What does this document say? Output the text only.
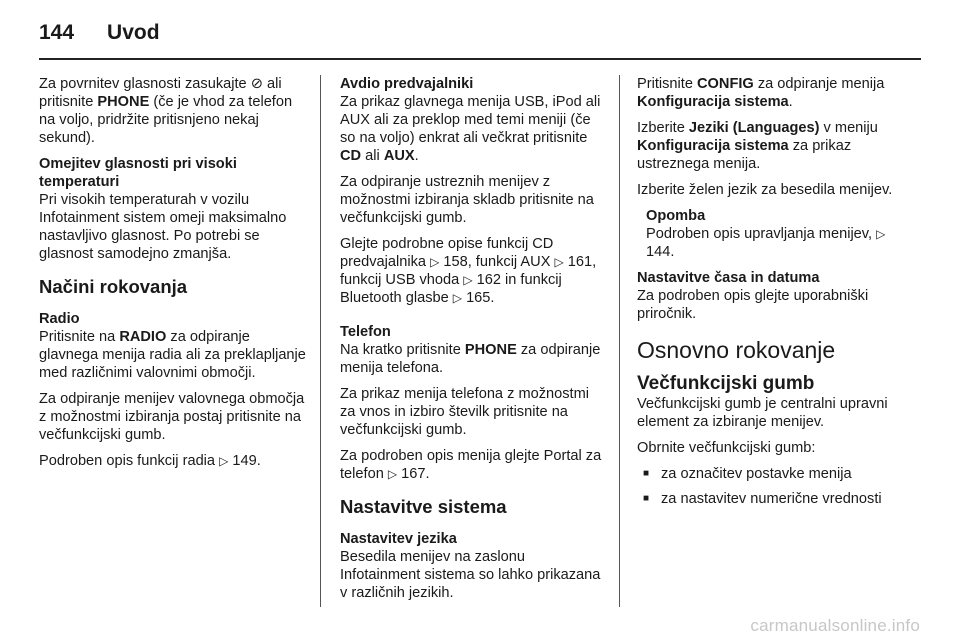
144 Uvod

Za povrnitev glasnosti zasukajte ⊘ ali pritisnite PHONE (če je vhod za telefon na voljo, pridržite pritisnjeno nekaj sekund).

Omejitev glasnosti pri visoki temperaturi

Pri visokih temperaturah v vozilu Infotainment sistem omeji maksimalno nastavljivo glasnost. Po potrebi se glasnost samodejno zmanjša.

Načini rokovanja

Radio

Pritisnite na RADIO za odpiranje glavnega menija radia ali za preklapljanje med različnimi valovnimi območji.

Za odpiranje menijev valovnega območja z možnostmi izbiranja postaj pritisnite na večfunkcijski gumb.

Podroben opis funkcij radia ▷ 149.

Avdio predvajalniki

Za prikaz glavnega menija USB, iPod ali AUX ali za preklop med temi meniji (če so na voljo) enkrat ali večkrat pritisnite CD ali AUX.

Za odpiranje ustreznih menijev z možnostmi izbiranja skladb pritisnite na večfunkcijski gumb.

Glejte podrobne opise funkcij CD predvajalnika ▷ 158, funkcij AUX ▷ 161, funkcij USB vhoda ▷ 162 in funkcij Bluetooth glasbe ▷ 165.

Telefon

Na kratko pritisnite PHONE za odpiranje menija telefona.

Za prikaz menija telefona z možnostmi za vnos in izbiro številk pritisnite na večfunkcijski gumb.

Za podroben opis menija glejte Portal za telefon ▷ 167.

Nastavitve sistema

Nastavitev jezika

Besedila menijev na zaslonu Infotainment sistema so lahko prikazana v različnih jezikih.

Pritisnite CONFIG za odpiranje menija Konfiguracija sistema.

Izberite Jeziki (Languages) v meniju Konfiguracija sistema za prikaz ustreznega menija.

Izberite želen jezik za besedila menijev.

Opomba

Podroben opis upravljanja menijev, ▷ 144.

Nastavitve časa in datuma

Za podroben opis glejte uporabniški priročnik.

Osnovno rokovanje

Večfunkcijski gumb

Večfunkcijski gumb je centralni upravni element za izbiranje menijev.

Obrnite večfunkcijski gumb:

■ za označitev postavke menija
■ za nastavitev numerične vrednosti
carmanualsonline.info
